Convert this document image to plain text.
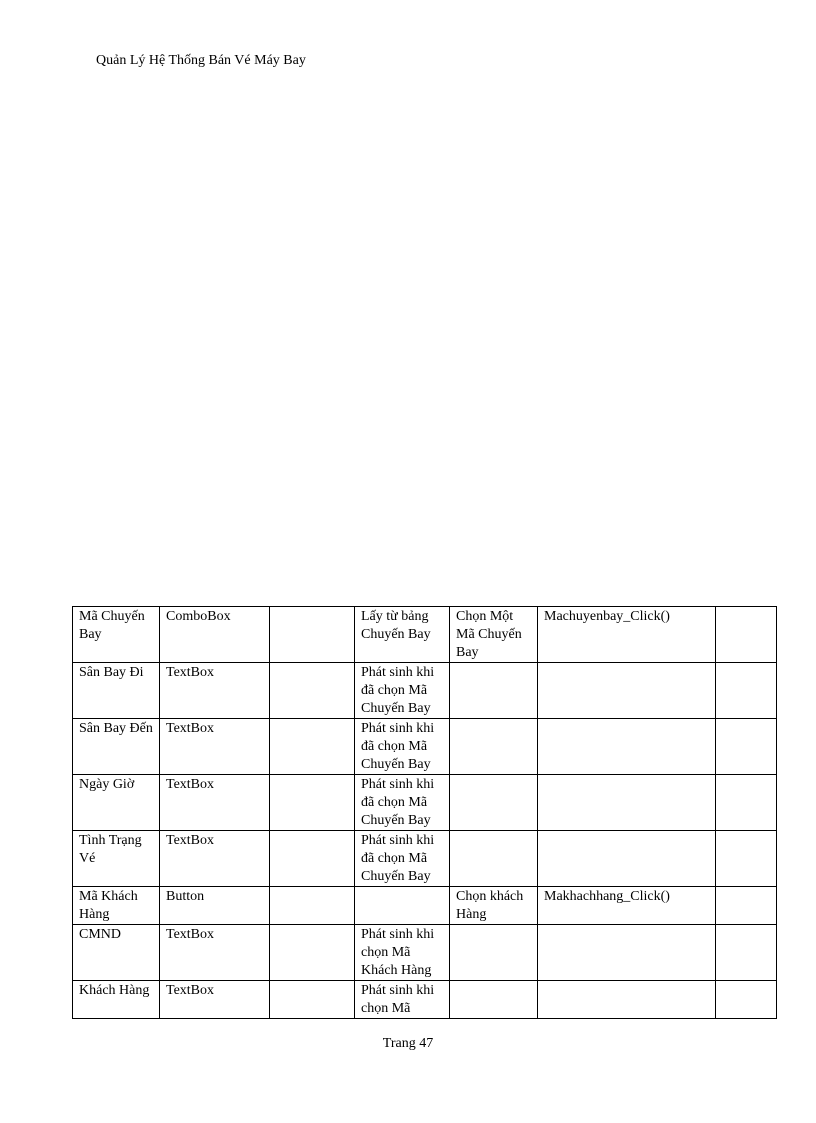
Quản Lý Hệ Thống Bán Vé Máy Bay
Mã Chuyến Bay	ComboBox		Lấy từ bảng Chuyến Bay	Chọn Một Mã Chuyến Bay	Machuyenbay_Click()	
Sân Bay Đi	TextBox		Phát sinh khi đã chọn Mã Chuyến Bay			
Sân Bay Đến	TextBox		Phát sinh khi đã chọn Mã Chuyến Bay			
Ngày Giờ	TextBox		Phát sinh khi đã chọn Mã Chuyến Bay			
Tình Trạng Vé	TextBox		Phát sinh khi đã chọn Mã Chuyến Bay			
Mã Khách Hàng	Button			Chọn khách Hàng	Makhachhang_Click()	
CMND	TextBox		Phát sinh khi chọn Mã Khách Hàng			
Khách Hàng	TextBox		Phát sinh khi chọn Mã			
Trang 47
